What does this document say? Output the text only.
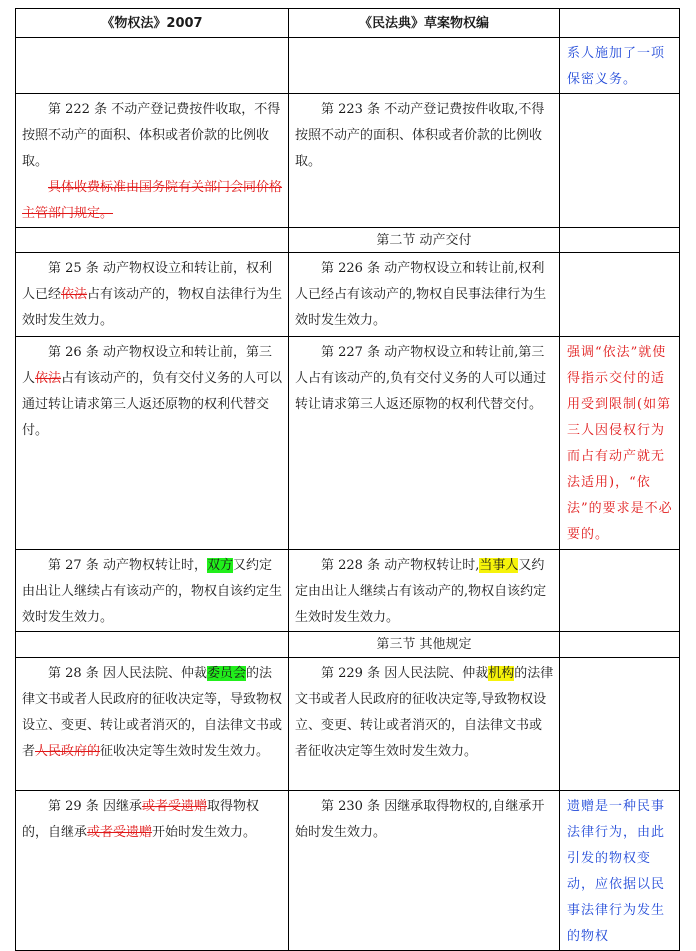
《物权法》2007	《民法典》草案物权编	
		系人施加了一项保密义务。

第 222 条 不动产登记费按件收取，不得按照不动产的面积、体积或者价款的比例收取。

具体收费标准由国务院有关部门会同价格主管部门规定。	第 223 条 不动产登记费按件收取,不得按照不动产的面积、体积或者价款的比例收取。	

	第二节 动产交付	

第 25 条 动产物权设立和转让前，权利人已经依法占有该动产的，物权自法律行为生效时发生效力。	第 226 条 动产物权设立和转让前,权利人已经占有该动产的,物权自民事法律行为生效时发生效力。	

第 26 条 动产物权设立和转让前，第三人依法占有该动产的，负有交付义务的人可以通过转让请求第三人返还原物的权利代替交付。	第 227 条 动产物权设立和转让前,第三人占有该动产的,负有交付义务的人可以通过转让请求第三人返还原物的权利代替交付。	强调“依法”就使得指示交付的适用受到限制(如第三人因侵权行为而占有动产就无法适用)，“依法”的要求是不必要的。

第 27 条 动产物权转让时，双方又约定由出让人继续占有该动产的，物权自该约定生效时发生效力。	第 228 条 动产物权转让时,当事人又约定由出让人继续占有该动产的,物权自该约定生效时发生效力。	

	第三节 其他规定	

第 28 条 因人民法院、仲裁委员会的法律文书或者人民政府的征收决定等，导致物权设立、变更、转让或者消灭的，自法律文书或者人民政府的征收决定等生效时发生效力。	第 229 条 因人民法院、仲裁机构的法律文书或者人民政府的征收决定等,导致物权设立、变更、转让或者消灭的，自法律文书或者征收决定等生效时发生效力。	

第 29 条 因继承或者受遗赠取得物权的，自继承或者受遗赠开始时发生效力。	第 230 条 因继承取得物权的,自继承开始时发生效力。	遗赠是一种民事法律行为，由此引发的物权变动，应依据以民事法律行为发生的物权
